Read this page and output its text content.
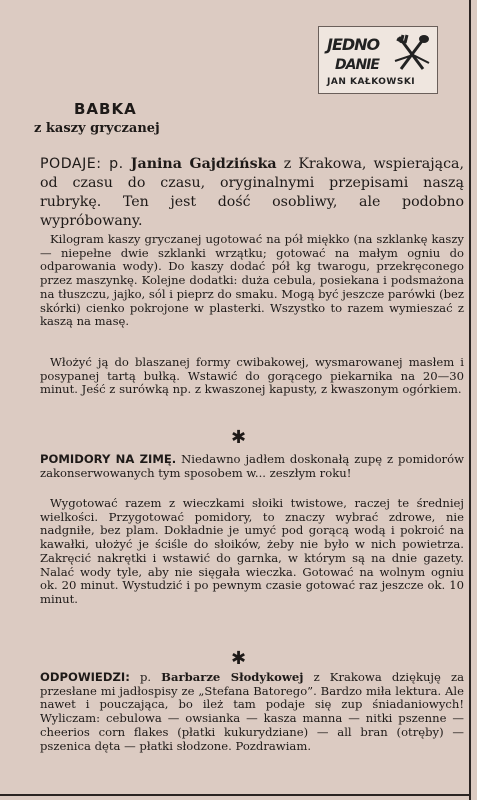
JEDNO
DANIE
JAN KAŁKOWSKI
BABKA
z kaszy gryczanej
PODAJE: p. Janina Gajdzińska z Krakowa, wspierająca, od czasu do czasu, oryginalnymi przepisami naszą rubrykę. Ten jest dość osobliwy, ale podobno wypróbowany.
Kilogram kaszy gryczanej ugotować na pół miękko (na szklankę kaszy — niepełne dwie szklanki wrzątku; gotować na małym ogniu do odparowania wody). Do kaszy dodać pół kg twarogu, przekręconego przez maszynkę. Kolejne dodatki: duża cebula, posiekana i podsmażona na tłuszczu, jajko, sól i pieprz do smaku. Mogą być jeszcze parówki (bez skórki) cienko pokrojone w plasterki. Wszystko to razem wymieszać z kaszą na masę.
Włożyć ją do blaszanej formy cwibakowej, wysmarowanej masłem i posypanej tartą bułką. Wstawić do gorącego piekarnika na 20—30 minut. Jeść z surówką np. z kwaszonej kapusty, z kwaszonym ogórkiem.
✱
POMIDORY NA ZIMĘ. Niedawno jadłem doskonałą zupę z pomidorów zakonserwowanych tym sposobem w... zeszłym roku!
Wygotować razem z wieczkami słoiki twistowe, raczej te średniej wielkości. Przygotować pomidory, to znaczy wybrać zdrowe, nie nadgniłe, bez plam. Dokładnie je umyć pod gorącą wodą i pokroić na kawałki, ułożyć je ściśle do słoików, żeby nie było w nich powietrza. Zakręcić nakrętki i wstawić do garnka, w którym są na dnie gazety. Nalać wody tyle, aby nie sięgała wieczka. Gotować na wolnym ogniu ok. 20 minut. Wystudzić i po pewnym czasie gotować raz jeszcze ok. 10 minut.
✱
ODPOWIEDZI: p. Barbarze Słodykowej z Krakowa dziękuję za przesłane mi jadłospisy ze „Stefana Batorego”. Bardzo miła lektura. Ale nawet i pouczająca, bo ileż tam podaje się zup śniadaniowych! Wyliczam: cebulowa — owsianka — kasza manna — nitki pszenne — cheerios corn flakes (płatki kukurydziane) — all bran (otręby) — pszenica dęta — płatki słodzone. Pozdrawiam.
